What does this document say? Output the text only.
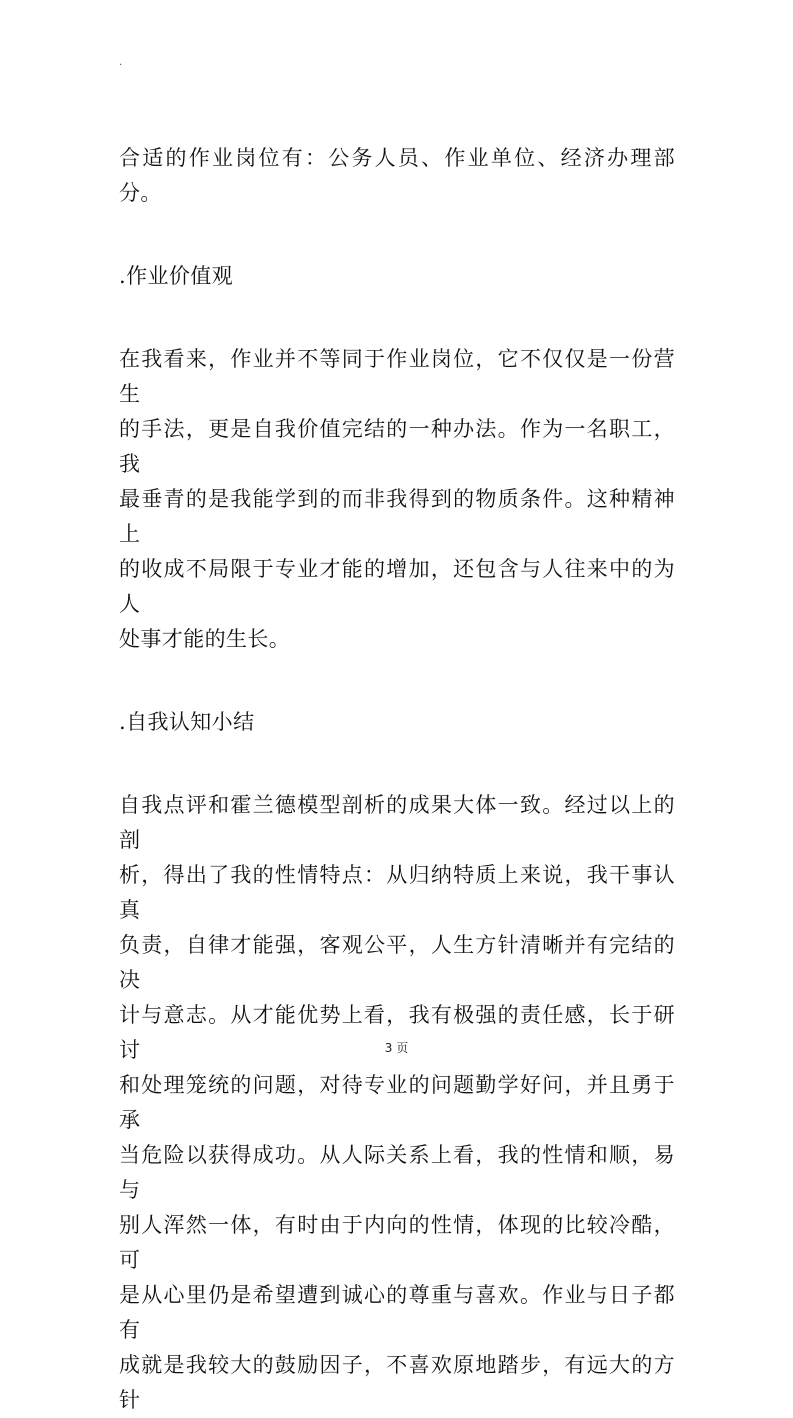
.

合适的作业岗位有：公务人员、作业单位、经济办理部分。

.作业价值观

在我看来，作业并不等同于作业岗位，它不仅仅是一份营生
的手法，更是自我价值完结的一种办法。作为一名职工，我
最垂青的是我能学到的而非我得到的物质条件。这种精神上
的收成不局限于专业才能的增加，还包含与人往来中的为人
处事才能的生长。

.自我认知小结

自我点评和霍兰德模型剖析的成果大体一致。经过以上的剖
析，得出了我的性情特点：从归纳特质上来说，我干事认真
负责，自律才能强，客观公平，人生方针清晰并有完结的决
计与意志。从才能优势上看，我有极强的责任感，长于研讨
和处理笼统的问题，对待专业的问题勤学好问，并且勇于承
当危险以获得成功。从人际关系上看，我的性情和顺，易与
别人浑然一体，有时由于内向的性情，体现的比较冷酷，可
是从心里仍是希望遭到诚心的尊重与喜欢。作业与日子都有
成就是我较大的鼓励因子，不喜欢原地踏步，有远大的方针

3 页
